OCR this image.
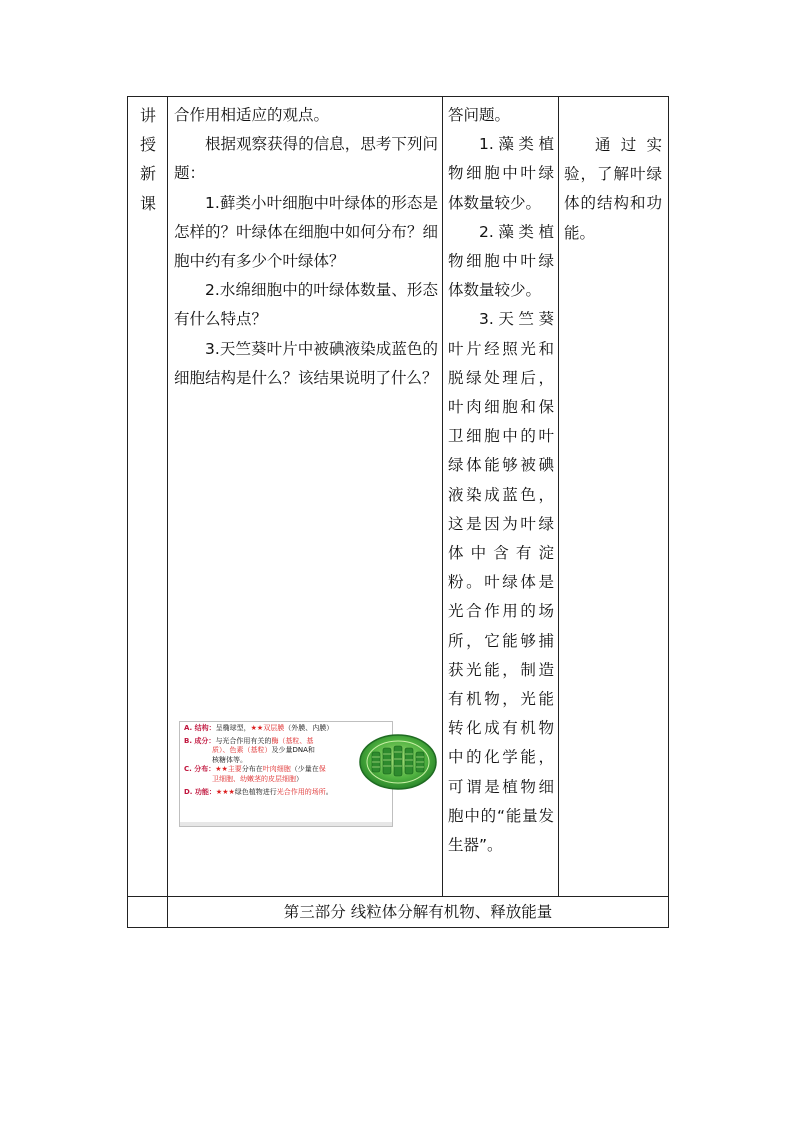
讲
授
新
课

合作用相适应的观点。

根据观察获得的信息，思考下列问题：

1.藓类小叶细胞中叶绿体的形态是怎样的？叶绿体在细胞中如何分布？细胞中约有多少个叶绿体？

2.水绵细胞中的叶绿体数量、形态有什么特点？

3.天竺葵叶片中被碘液染成蓝色的细胞结构是什么？该结果说明了什么？

A. 结构：呈椭球型，★★双层膜（外膜、内膜）
B. 成分：与光合作用有关的酶（基粒、基
质）、色素（基粒）及少量DNA和
核糖体等。
C. 分布：★★主要分布在叶肉细胞（少量在保
卫细胞、幼嫩茎的皮层细胞）
D. 功能：★★★绿色植物进行光合作用的场所。

答问题。

1.藻类植物细胞中叶绿体数量较少。

2.藻类植物细胞中叶绿体数量较少。

3.天竺葵叶片经照光和脱绿处理后，叶肉细胞和保卫细胞中的叶绿体能够被碘液染成蓝色，这是因为叶绿体中含有淀粉。叶绿体是光合作用的场所，它能够捕获光能，制造有机物，光能转化成有机物中的化学能，可谓是植物细胞中的“能量发生器”。

通过实验，了解叶绿体的结构和功能。

第三部分 线粒体分解有机物、释放能量
